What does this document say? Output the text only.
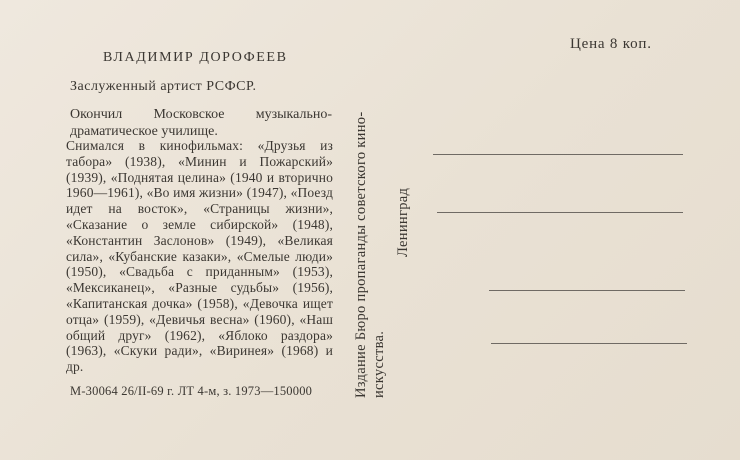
ВЛАДИМИР ДОРОФЕЕВ
Заслуженный артист РСФСР.
Окончил Московское музыкально-драматическое училище.
Снимался в кинофильмах: «Друзья из табора» (1938), «Минин и Пожарский» (1939), «Поднятая целина» (1940 и вторично 1960—1961), «Во имя жизни» (1947), «Поезд идет на восток», «Страницы жизни», «Сказание о земле сибирской» (1948), «Константин Заслонов» (1949), «Великая сила», «Кубанские казаки», «Смелые люди» (1950), «Свадьба с приданным» (1953), «Мексиканец», «Разные судьбы» (1956), «Капитанская дочка» (1958), «Девочка ищет отца» (1959), «Девичья весна» (1960), «Наш общий друг» (1962), «Яблоко раздора» (1963), «Скуки ради», «Виринея» (1968) и др.
М-30064 26/II-69 г. ЛТ 4-м, з. 1973—150000	Издание Бюро пропаганды советского кино- искусства.
Ленинград
Цена 8 коп.
